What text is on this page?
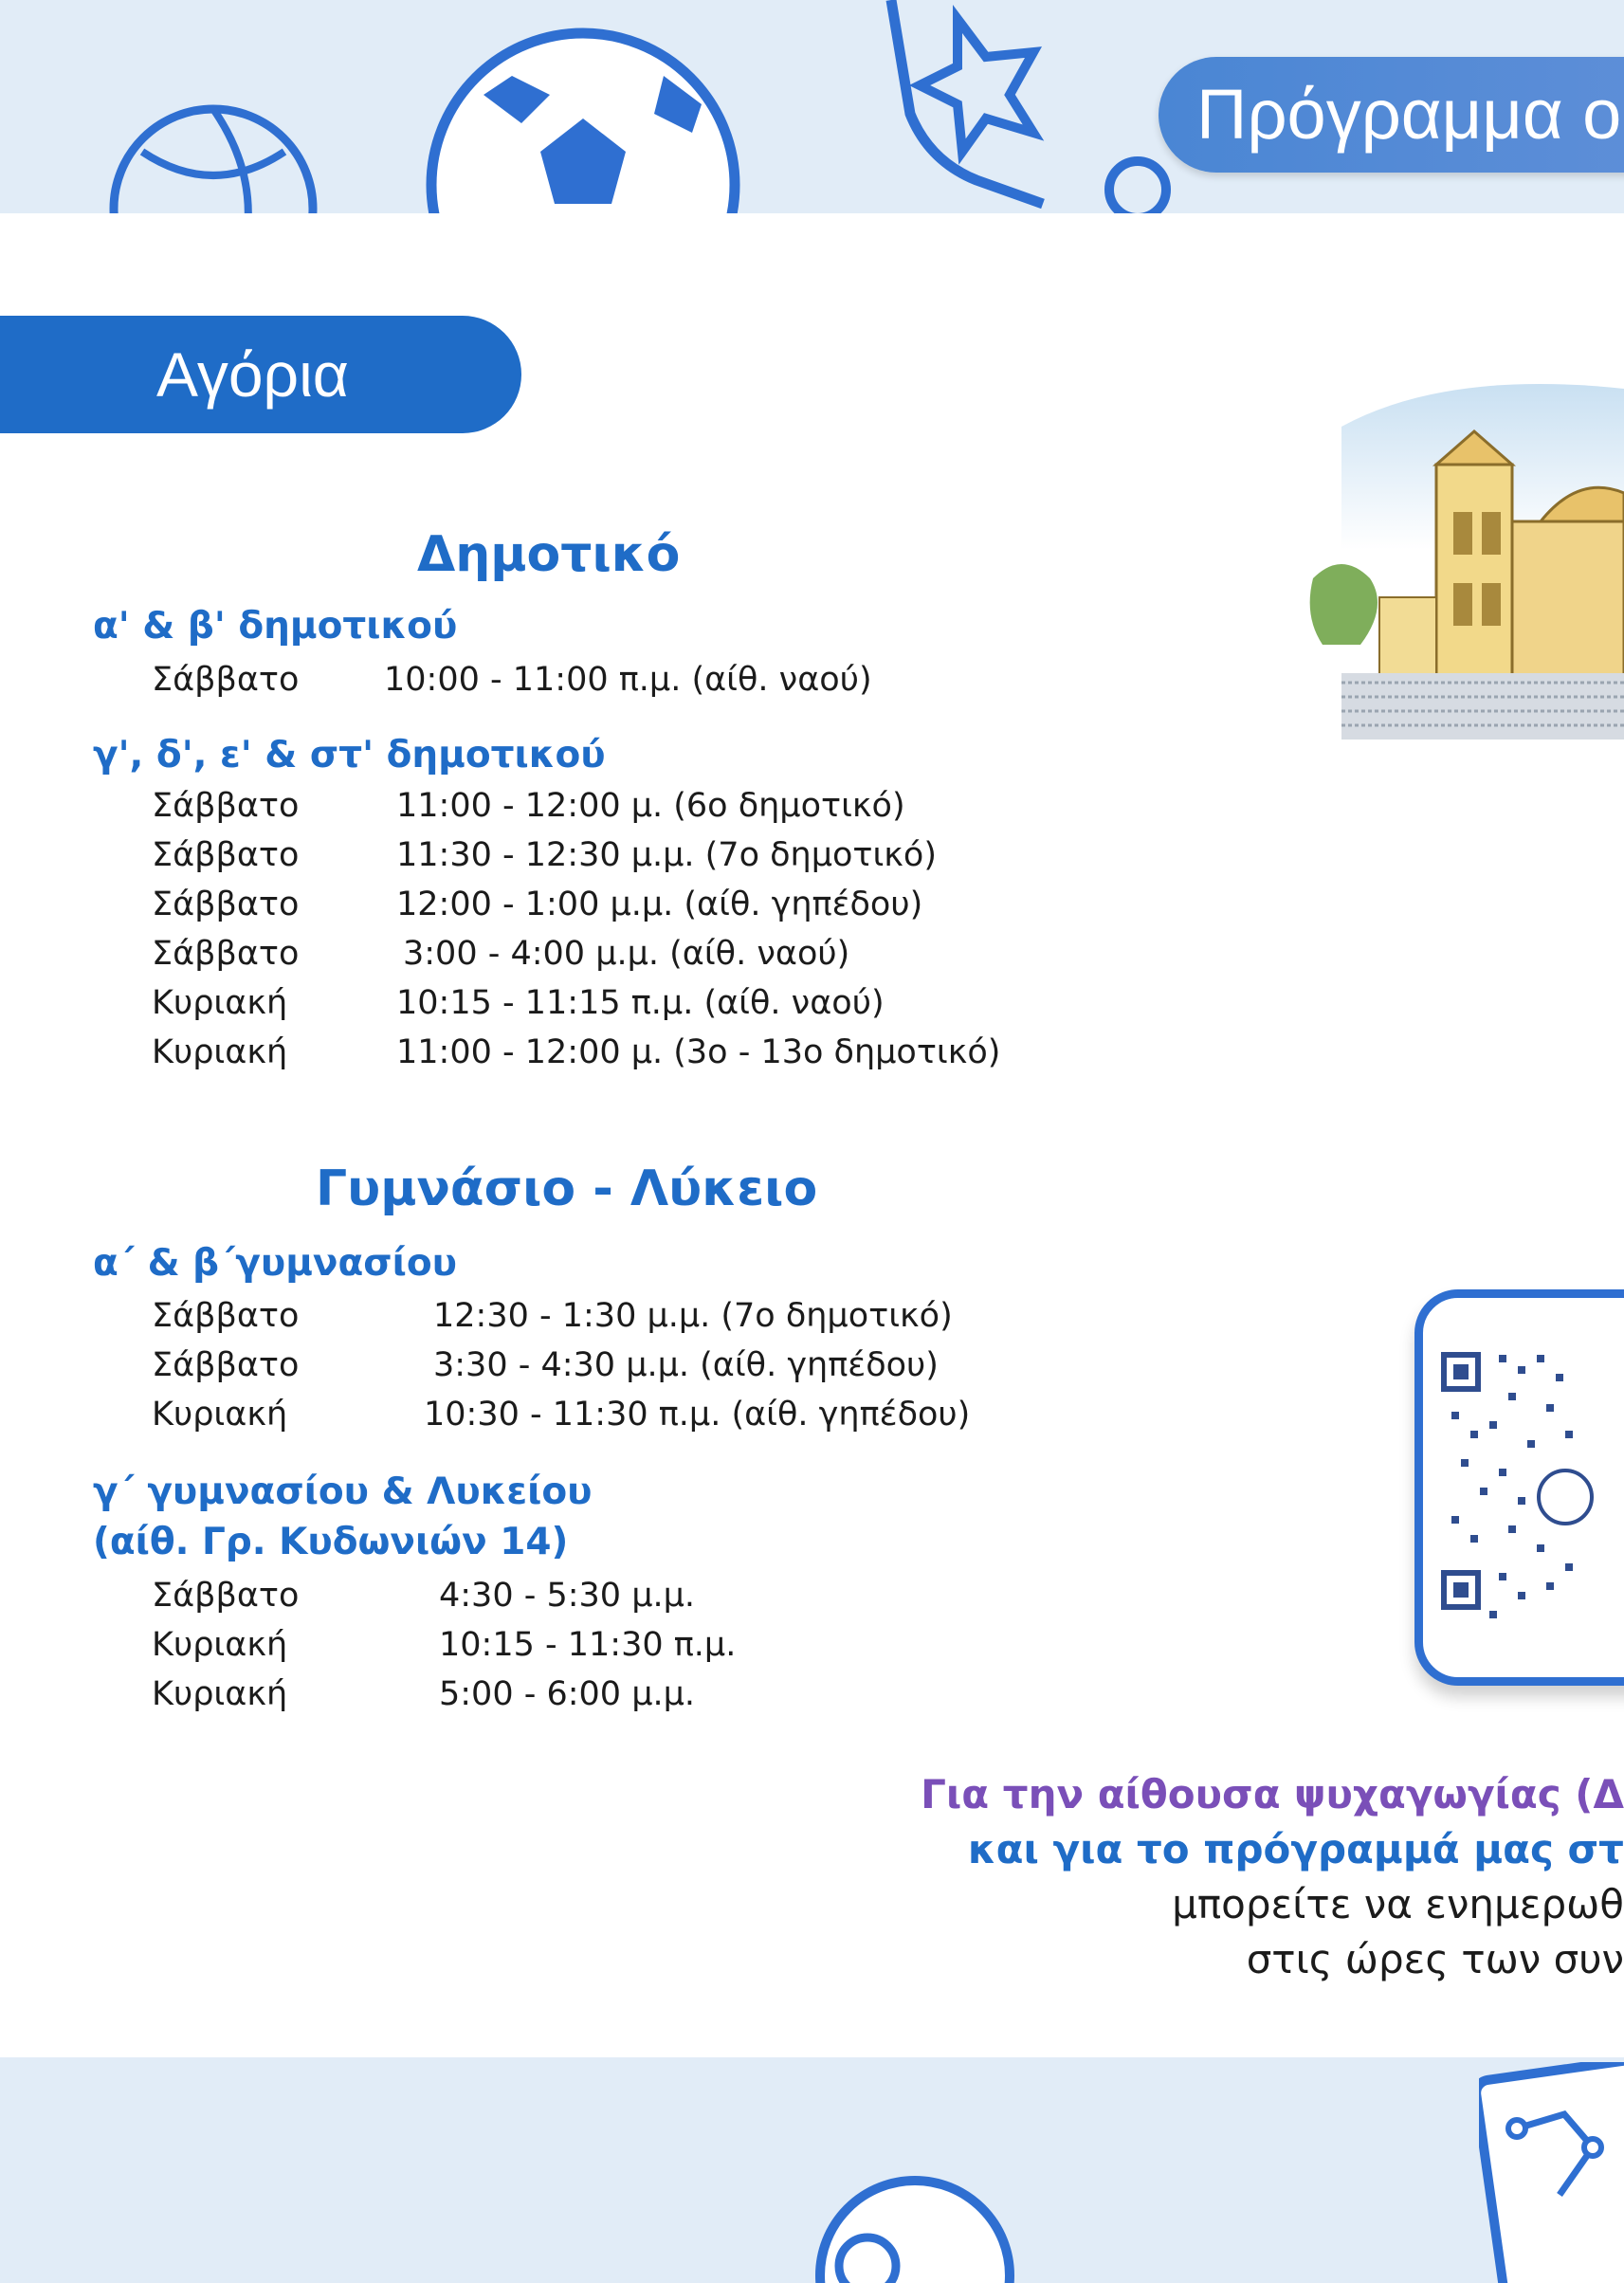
Πρόγραμμα ο
Αγόρια
Δημοτικό
α' & β' δημοτικού
Σάββατο	10:00 - 11:00 π.μ. (αίθ. ναού)
γ', δ', ε' & στ' δημοτικού
Σάββατο	11:00 - 12:00 μ. (6ο δημοτικό)
Σάββατο	11:30 - 12:30 μ.μ. (7ο δημοτικό)
Σάββατο	12:00 - 1:00 μ.μ. (αίθ. γηπέδου)
Σάββατο	3:00 - 4:00 μ.μ. (αίθ. ναού)
Κυριακή	10:15 - 11:15 π.μ. (αίθ. ναού)
Κυριακή	11:00 - 12:00 μ. (3ο - 13ο δημοτικό)
Γυμνάσιο - Λύκειο
α΄ & β΄γυμνασίου
Σάββατο	12:30 - 1:30 μ.μ. (7ο δημοτικό)
Σάββατο	3:30 - 4:30 μ.μ. (αίθ. γηπέδου)
Κυριακή	10:30 - 11:30 π.μ. (αίθ. γηπέδου)
γ΄ γυμνασίου & Λυκείου
(αίθ. Γρ. Κυδωνιών 14)
Σάββατο	4:30 - 5:30 μ.μ.
Κυριακή	10:15 - 11:30 π.μ.
Κυριακή	5:00 - 6:00 μ.μ.
Για την αίθουσα ψυχαγωγίας (Δ
και για το πρόγραμμά μας στ
μπορείτε να ενημερωθ
στις ώρες των συν
